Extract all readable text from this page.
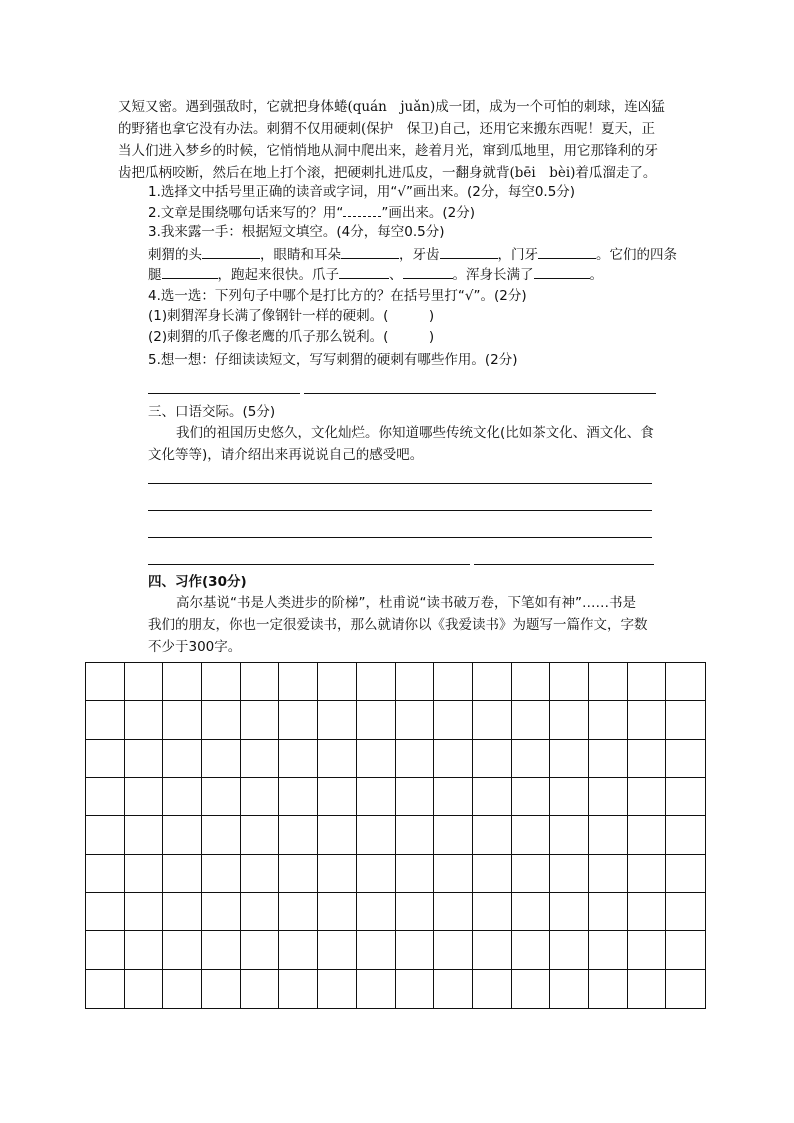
又短又密。遇到强敌时，它就把身体蜷(quán　juǎn)成一团，成为一个可怕的刺球，连凶猛
的野猪也拿它没有办法。刺猬不仅用硬刺(保护　保卫)自己，还用它来搬东西呢！夏天，正
当人们进入梦乡的时候，它悄悄地从洞中爬出来，趁着月光，窜到瓜地里，用它那锋利的牙
齿把瓜柄咬断，然后在地上打个滚，把硬刺扎进瓜皮，一翻身就背(bēi　bèi)着瓜溜走了。
1.选择文中括号里正确的读音或字词，用“√”画出来。(2分，每空0.5分)
2.文章是围绕哪句话来写的？用“	”画出来。(2分)
3.我来露一手：根据短文填空。(4分，每空0.5分)
刺猬的头	，眼睛和耳朵	，牙齿	，门牙	。它们的四条
腿	，跑起来很快。爪子	、	。浑身长满了	。
4.选一选：下列句子中哪个是打比方的？在括号里打“√”。(2分)
(1)刺猬浑身长满了像钢针一样的硬刺。(　　　)
(2)刺猬的爪子像老鹰的爪子那么锐利。(　　　)
5.想一想：仔细读读短文，写写刺猬的硬刺有哪些作用。(2分)
三、口语交际。(5分)
我们的祖国历史悠久，文化灿烂。你知道哪些传统文化(比如茶文化、酒文化、食
文化等等)，请介绍出来再说说自己的感受吧。
四、习作(30分)
高尔基说“书是人类进步的阶梯”，杜甫说“读书破万卷，下笔如有神”……书是
我们的朋友，你也一定很爱读书，那么就请你以《我爱读书》为题写一篇作文，字数
不少于300字。
